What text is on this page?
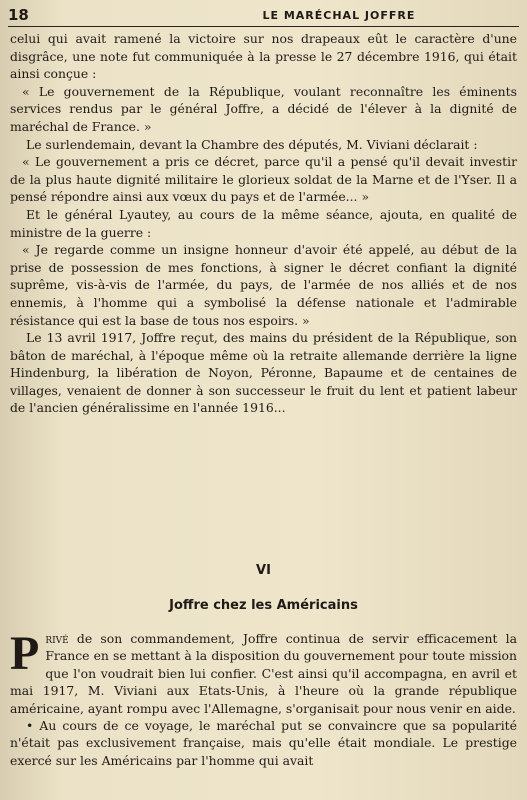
18	LE MARÉCHAL JOFFRE

celui qui avait ramené la victoire sur nos drapeaux eût le caractère d'une disgrâce, une note fut communiquée à la presse le 27 décembre 1916, qui était ainsi conçue :

« Le gouvernement de la République, voulant reconnaître les éminents services rendus par le général Joffre, a décidé de l'élever à la dignité de maréchal de France. »

Le surlendemain, devant la Chambre des députés, M. Viviani déclarait :

« Le gouvernement a pris ce décret, parce qu'il a pensé qu'il devait investir de la plus haute dignité militaire le glorieux soldat de la Marne et de l'Yser. Il a pensé répondre ainsi aux vœux du pays et de l'armée... »

Et le général Lyautey, au cours de la même séance, ajouta, en qualité de ministre de la guerre :

« Je regarde comme un insigne honneur d'avoir été appelé, au début de la prise de possession de mes fonctions, à signer le décret confiant la dignité suprême, vis-à-vis de l'armée, du pays, de l'armée de nos alliés et de nos ennemis, à l'homme qui a symbolisé la défense nationale et l'admirable résistance qui est la base de tous nos espoirs. »

Le 13 avril 1917, Joffre reçut, des mains du président de la République, son bâton de maréchal, à l'époque même où la retraite allemande derrière la ligne Hindenburg, la libération de Noyon, Péronne, Bapaume et de centaines de villages, venaient de donner à son successeur le fruit du lent et patient labeur de l'ancien généralissime en l'année 1916...

VI
Joffre chez les Américains

Privé de son commandement, Joffre continua de servir efficacement la France en se mettant à la disposition du gouvernement pour toute mission que l'on voudrait bien lui confier. C'est ainsi qu'il accompagna, en avril et mai 1917, M. Viviani aux Etats-Unis, à l'heure où la grande république américaine, ayant rompu avec l'Allemagne, s'organisait pour nous venir en aide.

• Au cours de ce voyage, le maréchal put se convaincre que sa popularité n'était pas exclusivement française, mais qu'elle était mondiale. Le prestige exercé sur les Américains par l'homme qui avait
